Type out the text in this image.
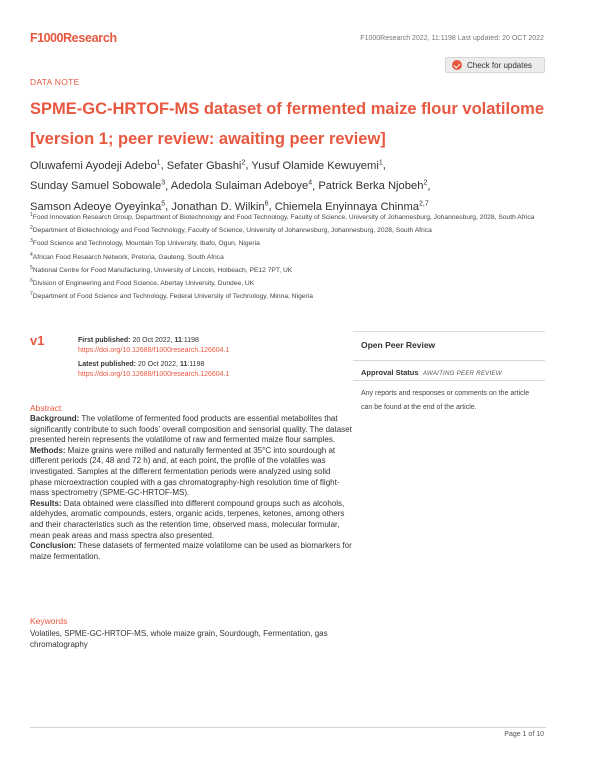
F1000Research	F1000Research 2022, 11:1198 Last updated: 20 OCT 2022
DATA NOTE
Check for updates
SPME-GC-HRTOF-MS dataset of fermented maize flour volatilome [version 1; peer review: awaiting peer review]
Oluwafemi Ayodeji Adebo$^1$, Sefater Gbashi$^2$, Yusuf Olamide Kewuyemi$^1$,
Sunday Samuel Sobowale$^3$, Adedola Sulaiman Adeboye$^4$, Patrick Berka Njobeh$^2$,
Samson Adeoye Oyeyinka$^5$, Jonathan D. Wilkin$^6$, Chiemela Enyinnaya Chinma$^{2,7}$
$^1$Food Innovation Research Group, Department of Biotechnology and Food Technology, Faculty of Science, University of Johannesburg, Johannesburg, 2028, South Africa
$^2$Department of Biotechnology and Food Technology, Faculty of Science, University of Johannesburg, Johannesburg, 2028, South Africa
$^3$Food Science and Technology, Mountain Top University, Ibafo, Ogun, Nigeria
$^4$African Food Research Network, Pretoria, Gauteng, South Africa
$^5$National Centre for Food Manufacturing, University of Lincoln, Holbeach, PE12 7PT, UK
$^6$Division of Engineering and Food Science, Abertay University, Dundee, UK
$^7$Department of Food Science and Technology, Federal University of Technology, Minna, Nigeria
v1	First published: 20 Oct 2022, 11:1198
https://doi.org/10.12688/f1000research.126604.1
Latest published: 20 Oct 2022, 11:1198
https://doi.org/10.12688/f1000research.126604.1
Open Peer Review
Approval Status AWAITING PEER REVIEW
Any reports and responses or comments on the article can be found at the end of the article.
Abstract
Background: The volatilome of fermented food products are essential metabolites that significantly contribute to such foods’ overall composition and sensorial quality. The dataset presented herein represents the volatilome of raw and fermented maize flour samples.
Methods: Maize grains were milled and naturally fermented at 35°C into sourdough at different periods (24, 48 and 72 h) and, at each point, the profile of the volatiles was investigated. Samples at the different fermentation periods were analyzed using solid phase microextraction coupled with a gas chromatography-high resolution time of flight-mass spectrometry (SPME-GC-HRTOF-MS).
Results: Data obtained were classified into different compound groups such as alcohols, aldehydes, aromatic compounds, esters, organic acids, terpenes, ketones, among others and their characteristics such as the retention time, observed mass, molecular formular, mean peak areas and mass spectra also presented.
Conclusion: These datasets of fermented maize volatilome can be used as biomarkers for maize fermentation.
Keywords
Volatiles, SPME-GC-HRTOF-MS, whole maize grain, Sourdough, Fermentation, gas chromatography
Page 1 of 10
